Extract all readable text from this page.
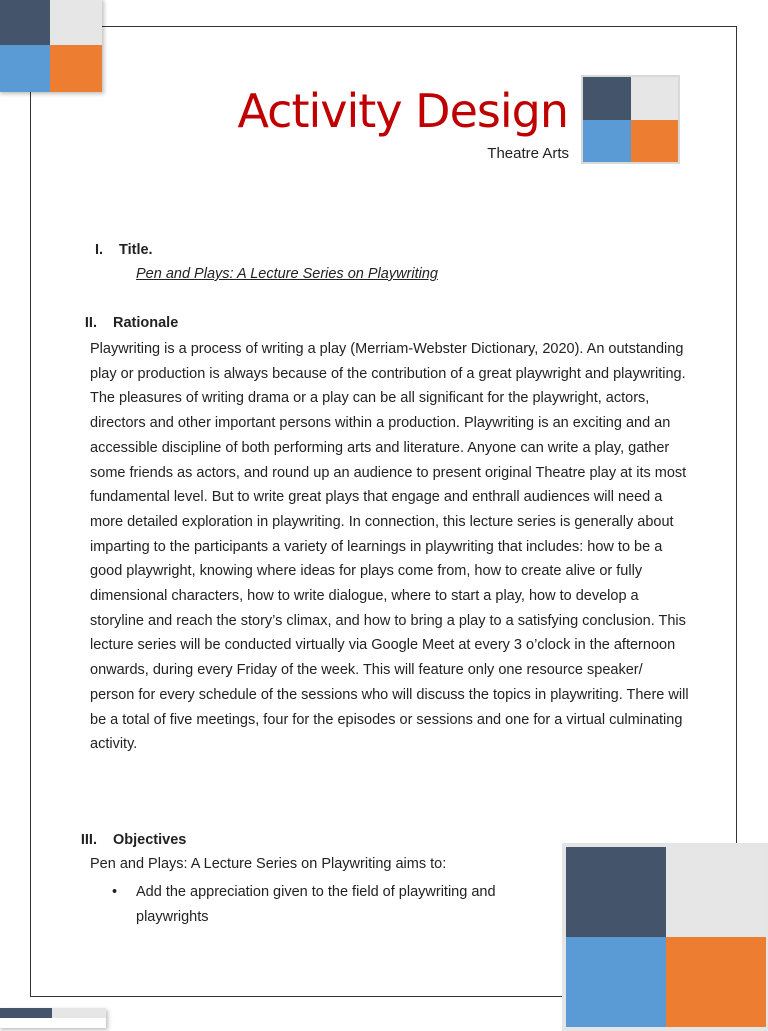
Activity Design
Theatre Arts
I. Title.
Pen and Plays: A Lecture Series on Playwriting
II. Rationale

Playwriting is a process of writing a play (Merriam-Webster Dictionary, 2020). An outstanding play or production is always because of the contribution of a great playwright and playwriting. The pleasures of writing drama or a play can be all significant for the playwright, actors, directors and other important persons within a production. Playwriting is an exciting and an accessible discipline of both performing arts and literature. Anyone can write a play, gather some friends as actors, and round up an audience to present original Theatre play at its most fundamental level. But to write great plays that engage and enthrall audiences will need a more detailed exploration in playwriting. In connection, this lecture series is generally about imparting to the participants a variety of learnings in playwriting that includes: how to be a good playwright, knowing where ideas for plays come from, how to create alive or fully dimensional characters, how to write dialogue, where to start a play, how to develop a storyline and reach the story’s climax, and how to bring a play to a satisfying conclusion. This lecture series will be conducted virtually via Google Meet at every 3 o’clock in the afternoon onwards, during every Friday of the week. This will feature only one resource speaker/ person for every schedule of the sessions who will discuss the topics in playwriting. There will be a total of five meetings, four for the episodes or sessions and one for a virtual culminating activity.

III. Objectives
Pen and Plays: A Lecture Series on Playwriting aims to:
• Add the appreciation given to the field of playwriting and playwrights
